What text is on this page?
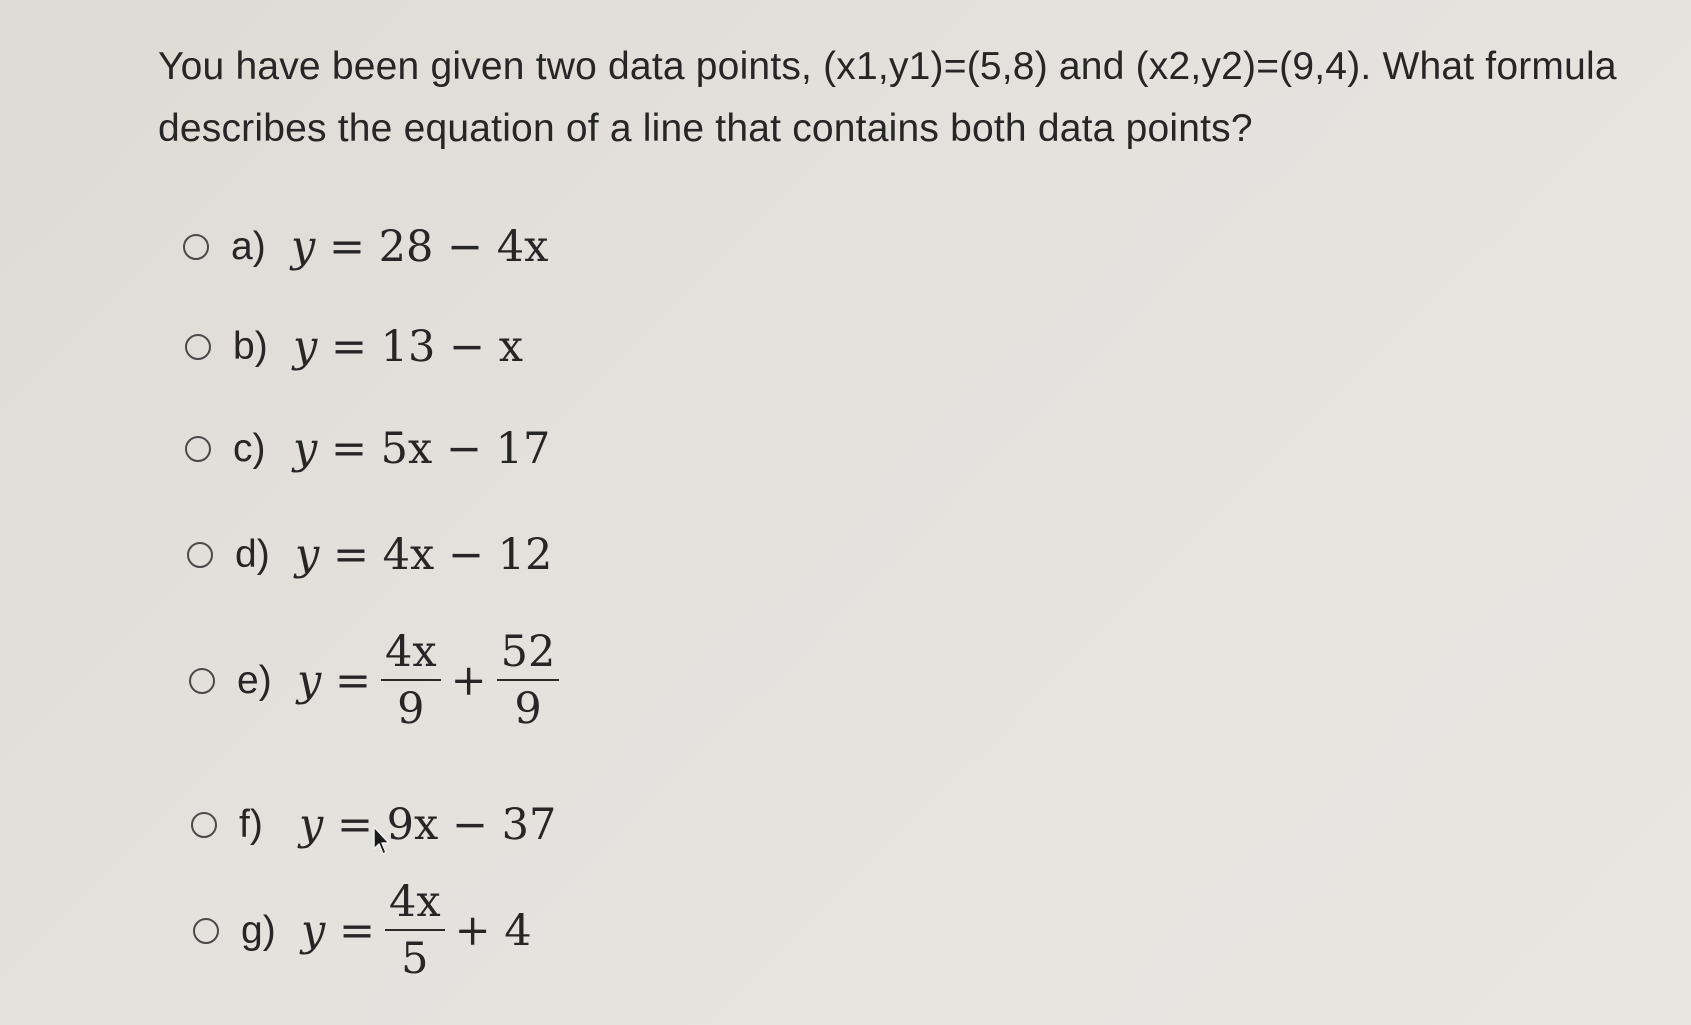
You have been given two data points, (x1,y1)=(5,8) and (x2,y2)=(9,4). What formula describes the equation of a line that contains both data points?
a) y = 28 − 4x
b) y = 13 − x
c) y = 5x − 17
d) y = 4x − 12
e) $y = \frac{4x}{9} + \frac{52}{9}$
f) y = 9x − 37
g) $y = \frac{4x}{5} + 4$
